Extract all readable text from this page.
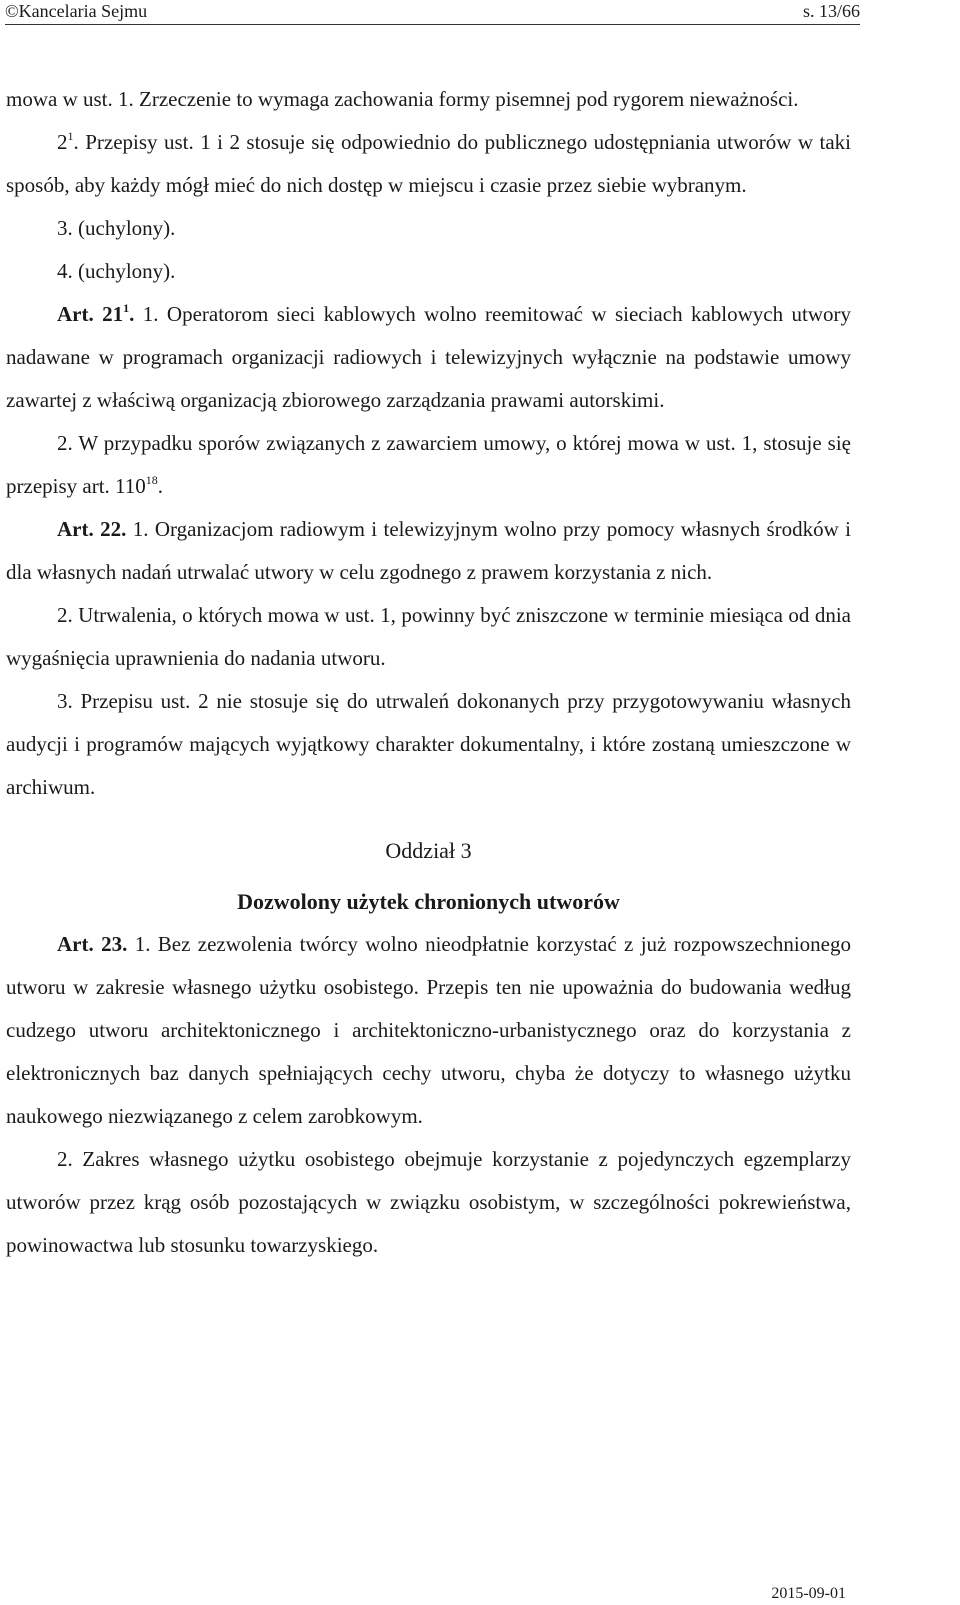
©Kancelaria Sejmu	s. 13/66

mowa w ust. 1. Zrzeczenie to wymaga zachowania formy pisemnej pod rygorem nieważności.

$2^1$. Przepisy ust. 1 i 2 stosuje się odpowiednio do publicznego udostępniania utworów w taki sposób, aby każdy mógł mieć do nich dostęp w miejscu i czasie przez siebie wybranym.

3. (uchylony).

4. (uchylony).

Art. $21^1$. 1. Operatorom sieci kablowych wolno reemitować w sieciach kablowych utwory nadawane w programach organizacji radiowych i telewizyjnych wyłącznie na podstawie umowy zawartej z właściwą organizacją zbiorowego zarządzania prawami autorskimi.

2. W przypadku sporów związanych z zawarciem umowy, o której mowa w ust. 1, stosuje się przepisy art. $110^{18}$.

Art. 22. 1. Organizacjom radiowym i telewizyjnym wolno przy pomocy własnych środków i dla własnych nadań utrwalać utwory w celu zgodnego z prawem korzystania z nich.

2. Utrwalenia, o których mowa w ust. 1, powinny być zniszczone w terminie miesiąca od dnia wygaśnięcia uprawnienia do nadania utworu.

3. Przepisu ust. 2 nie stosuje się do utrwaleń dokonanych przy przygotowywaniu własnych audycji i programów mających wyjątkowy charakter dokumentalny, i które zostaną umieszczone w archiwum.

Oddział 3

Dozwolony użytek chronionych utworów

Art. 23. 1. Bez zezwolenia twórcy wolno nieodpłatnie korzystać z już rozpowszechnionego utworu w zakresie własnego użytku osobistego. Przepis ten nie upoważnia do budowania według cudzego utworu architektonicznego i architektoniczno-urbanistycznego oraz do korzystania z elektronicznych baz danych spełniających cechy utworu, chyba że dotyczy to własnego użytku naukowego niezwiązanego z celem zarobkowym.

2. Zakres własnego użytku osobistego obejmuje korzystanie z pojedynczych egzemplarzy utworów przez krąg osób pozostających w związku osobistym, w szczególności pokrewieństwa, powinowactwa lub stosunku towarzyskiego.

2015-09-01
